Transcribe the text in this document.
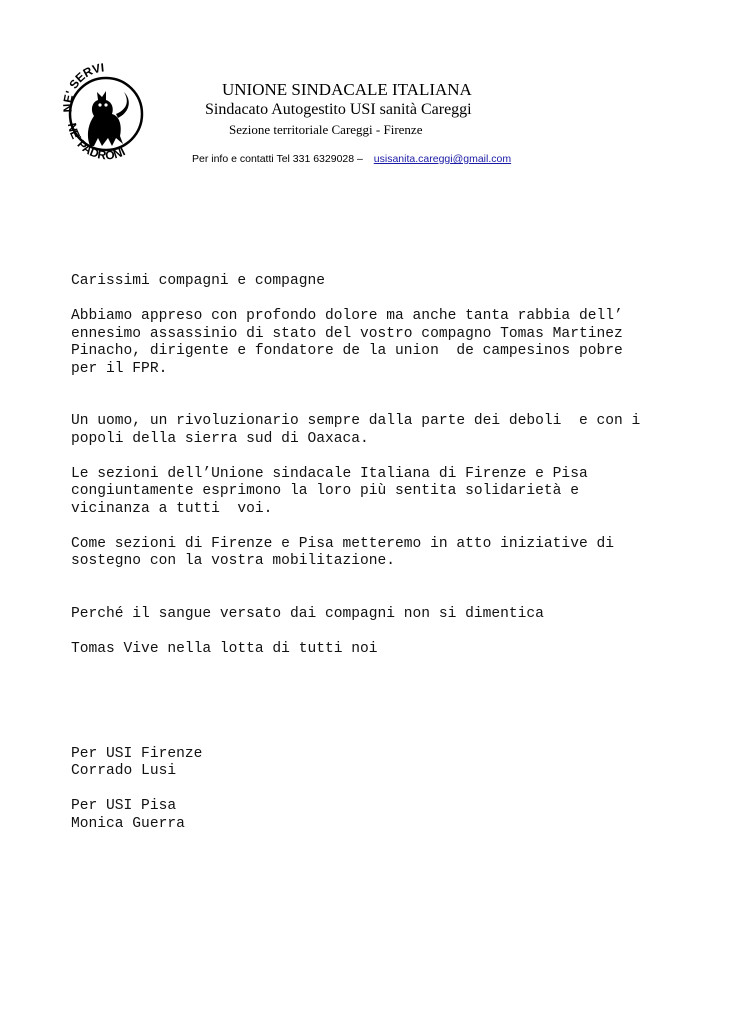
NE' SERVI
NE' PADRONI
UNIONE SINDACALE ITALIANA
Sindacato Autogestito USI sanità Careggi
Sezione territoriale Careggi - Firenze
Per info e contatti Tel 331 6329028 – usisanita.careggi@gmail.com

Carissimi compagni e compagne

Abbiamo appreso con profondo dolore ma anche tanta rabbia dell’
ennesimo assassinio di stato del vostro compagno Tomas Martinez
Pinacho, dirigente e fondatore de la union  de campesinos pobre
per il FPR.

Un uomo, un rivoluzionario sempre dalla parte dei deboli  e con i
popoli della sierra sud di Oaxaca.

Le sezioni dell’Unione sindacale Italiana di Firenze e Pisa
congiuntamente esprimono la loro più sentita solidarietà e
vicinanza a tutti  voi.

Come sezioni di Firenze e Pisa metteremo in atto iniziative di
sostegno con la vostra mobilitazione.

Perché il sangue versato dai compagni non si dimentica

Tomas Vive nella lotta di tutti noi

Per USI Firenze

Corrado Lusi

Per USI Pisa

Monica Guerra
